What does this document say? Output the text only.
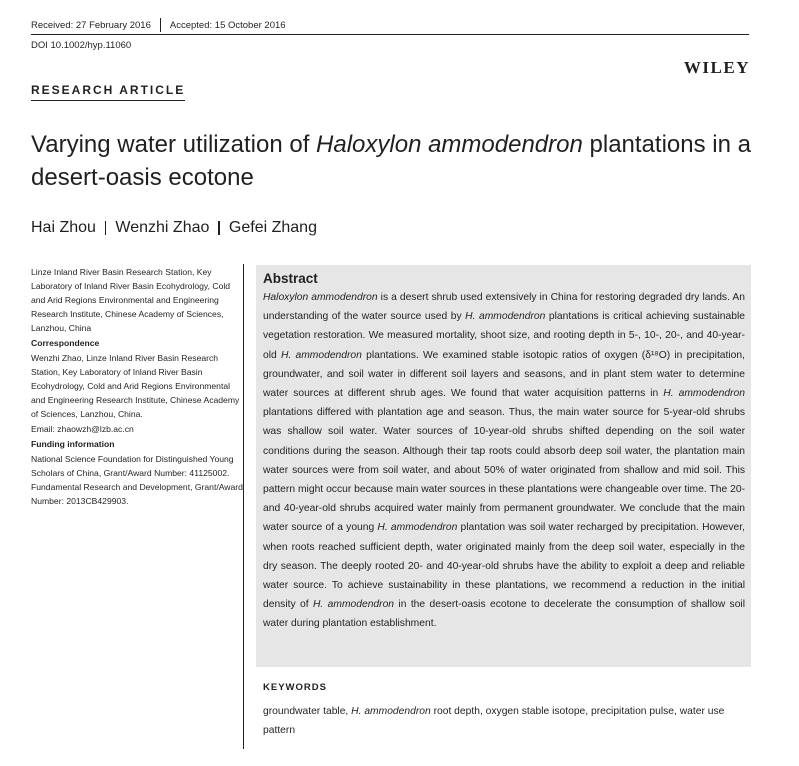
Received: 27 February 2016 Accepted: 15 October 2016
DOI 10.1002/hyp.11060
WILEY
RESEARCH ARTICLE
Varying water utilization of Haloxylon ammodendron plantations in a desert-oasis ecotone
Hai Zhou Wenzhi Zhao Gefei Zhang

Linze Inland River Basin Research Station, Key Laboratory of Inland River Basin Ecohydrology, Cold and Arid Regions Environmental and Engineering Research Institute, Chinese Academy of Sciences, Lanzhou, China

Correspondence

Wenzhi Zhao, Linze Inland River Basin Research Station, Key Laboratory of Inland River Basin Ecohydrology, Cold and Arid Regions Environmental and Engineering Research Institute, Chinese Academy of Sciences, Lanzhou, China.

Email: zhaowzh@lzb.ac.cn

Funding information

National Science Foundation for Distinguished Young Scholars of China, Grant/Award Number: 41125002. Fundamental Research and Development, Grant/Award Number: 2013CB429903.

Abstract
Haloxylon ammodendron is a desert shrub used extensively in China for restoring degraded dry lands. An understanding of the water source used by H. ammodendron plantations is critical achieving sustainable vegetation restoration. We measured mortality, shoot size, and rooting depth in 5-, 10-, 20-, and 40-year-old H. ammodendron plantations. We examined stable isotopic ratios of oxygen (δ¹⁸O) in precipitation, groundwater, and soil water in different soil layers and seasons, and in plant stem water to determine water sources at different shrub ages. We found that water acquisition patterns in H. ammodendron plantations differed with plantation age and season. Thus, the main water source for 5-year-old shrubs was shallow soil water. Water sources of 10-year-old shrubs shifted depending on the soil water conditions during the season. Although their tap roots could absorb deep soil water, the plantation main water sources were from soil water, and about 50% of water originated from shallow and mid soil. This pattern might occur because main water sources in these plantations were changeable over time. The 20- and 40-year-old shrubs acquired water mainly from permanent groundwater. We conclude that the main water source of a young H. ammodendron plantation was soil water recharged by precipitation. However, when roots reached sufficient depth, water originated mainly from the deep soil water, especially in the dry season. The deeply rooted 20- and 40-year-old shrubs have the ability to exploit a deep and reliable water source. To achieve sustainability in these plantations, we recommend a reduction in the initial density of H. ammodendron in the desert-oasis ecotone to decelerate the consumption of shallow soil water during plantation establishment.
KEYWORDS
groundwater table, H. ammodendron root depth, oxygen stable isotope, precipitation pulse, water use pattern
